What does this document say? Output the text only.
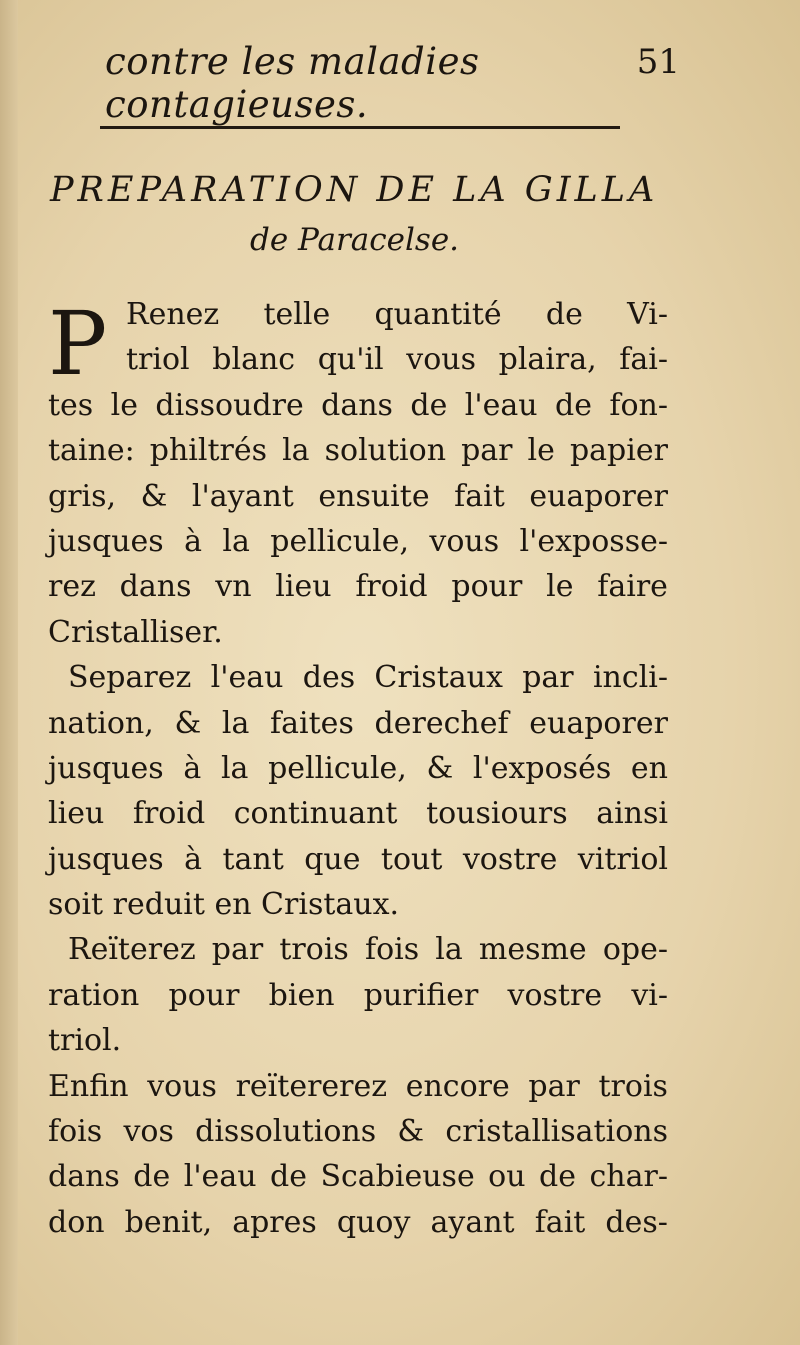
contre les maladies contagieuses.
51
PREPARATION DE LA GILLA
de Paracelse.
P Renez telle quantité de Vi-
triol blanc qu'il vous plaira, fai-
tes le dissoudre dans de l'eau de fon-
taine: philtrés la solution par le papier
gris, & l'ayant ensuite fait euaporer
jusques à la pellicule, vous l'exposse-
rez dans vn lieu froid pour le faire
Cristalliser.
Separez l'eau des Cristaux par incli-
nation, & la faites derechef euaporer
jusques à la pellicule, & l'exposés en
lieu froid continuant tousiours ainsi
jusques à tant que tout vostre vitriol
soit reduit en Cristaux.
Reïterez par trois fois la mesme ope-
ration pour bien purifier vostre vi-
triol.
Enfin vous reïtererez encore par trois
fois vos dissolutions & cristallisations
dans de l'eau de Scabieuse ou de char-
don benit, apres quoy ayant fait des-
